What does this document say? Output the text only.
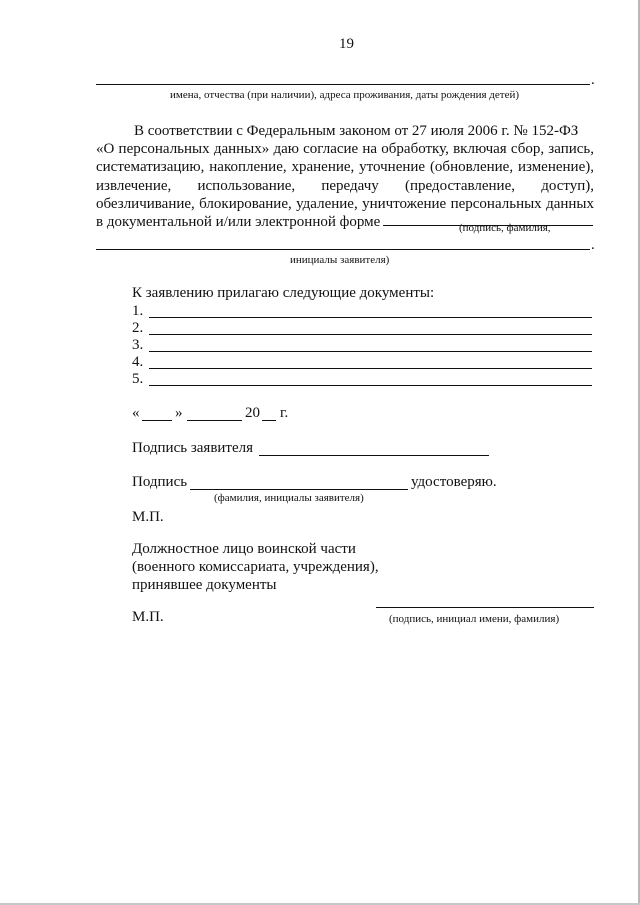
19
.
имена, отчества (при наличии), адреса проживания, даты рождения детей)
В соответствии с Федеральным законом от 27 июля 2006 г. № 152-ФЗ
«О персональных данных» даю согласие на обработку, включая сбор, запись,
систематизацию, накопление, хранение, уточнение (обновление, изменение),
извлечение, использование, передачу (предоставление, доступ),
обезличивание, блокирование, удаление, уничтожение персональных данных
в документальной и/или электронной форме	(подпись, фамилия,
.
инициалы заявителя)
К заявлению прилагаю следующие документы:
1.
2.
3.
4.
5.
« »	20 г.
Подпись заявителя
Подпись	удостоверяю.
(фамилия, инициалы заявителя)
М.П.
Должностное лицо воинской части
(военного комиссариата, учреждения),
принявшее документы
М.П.	(подпись, инициал имени, фамилия)
